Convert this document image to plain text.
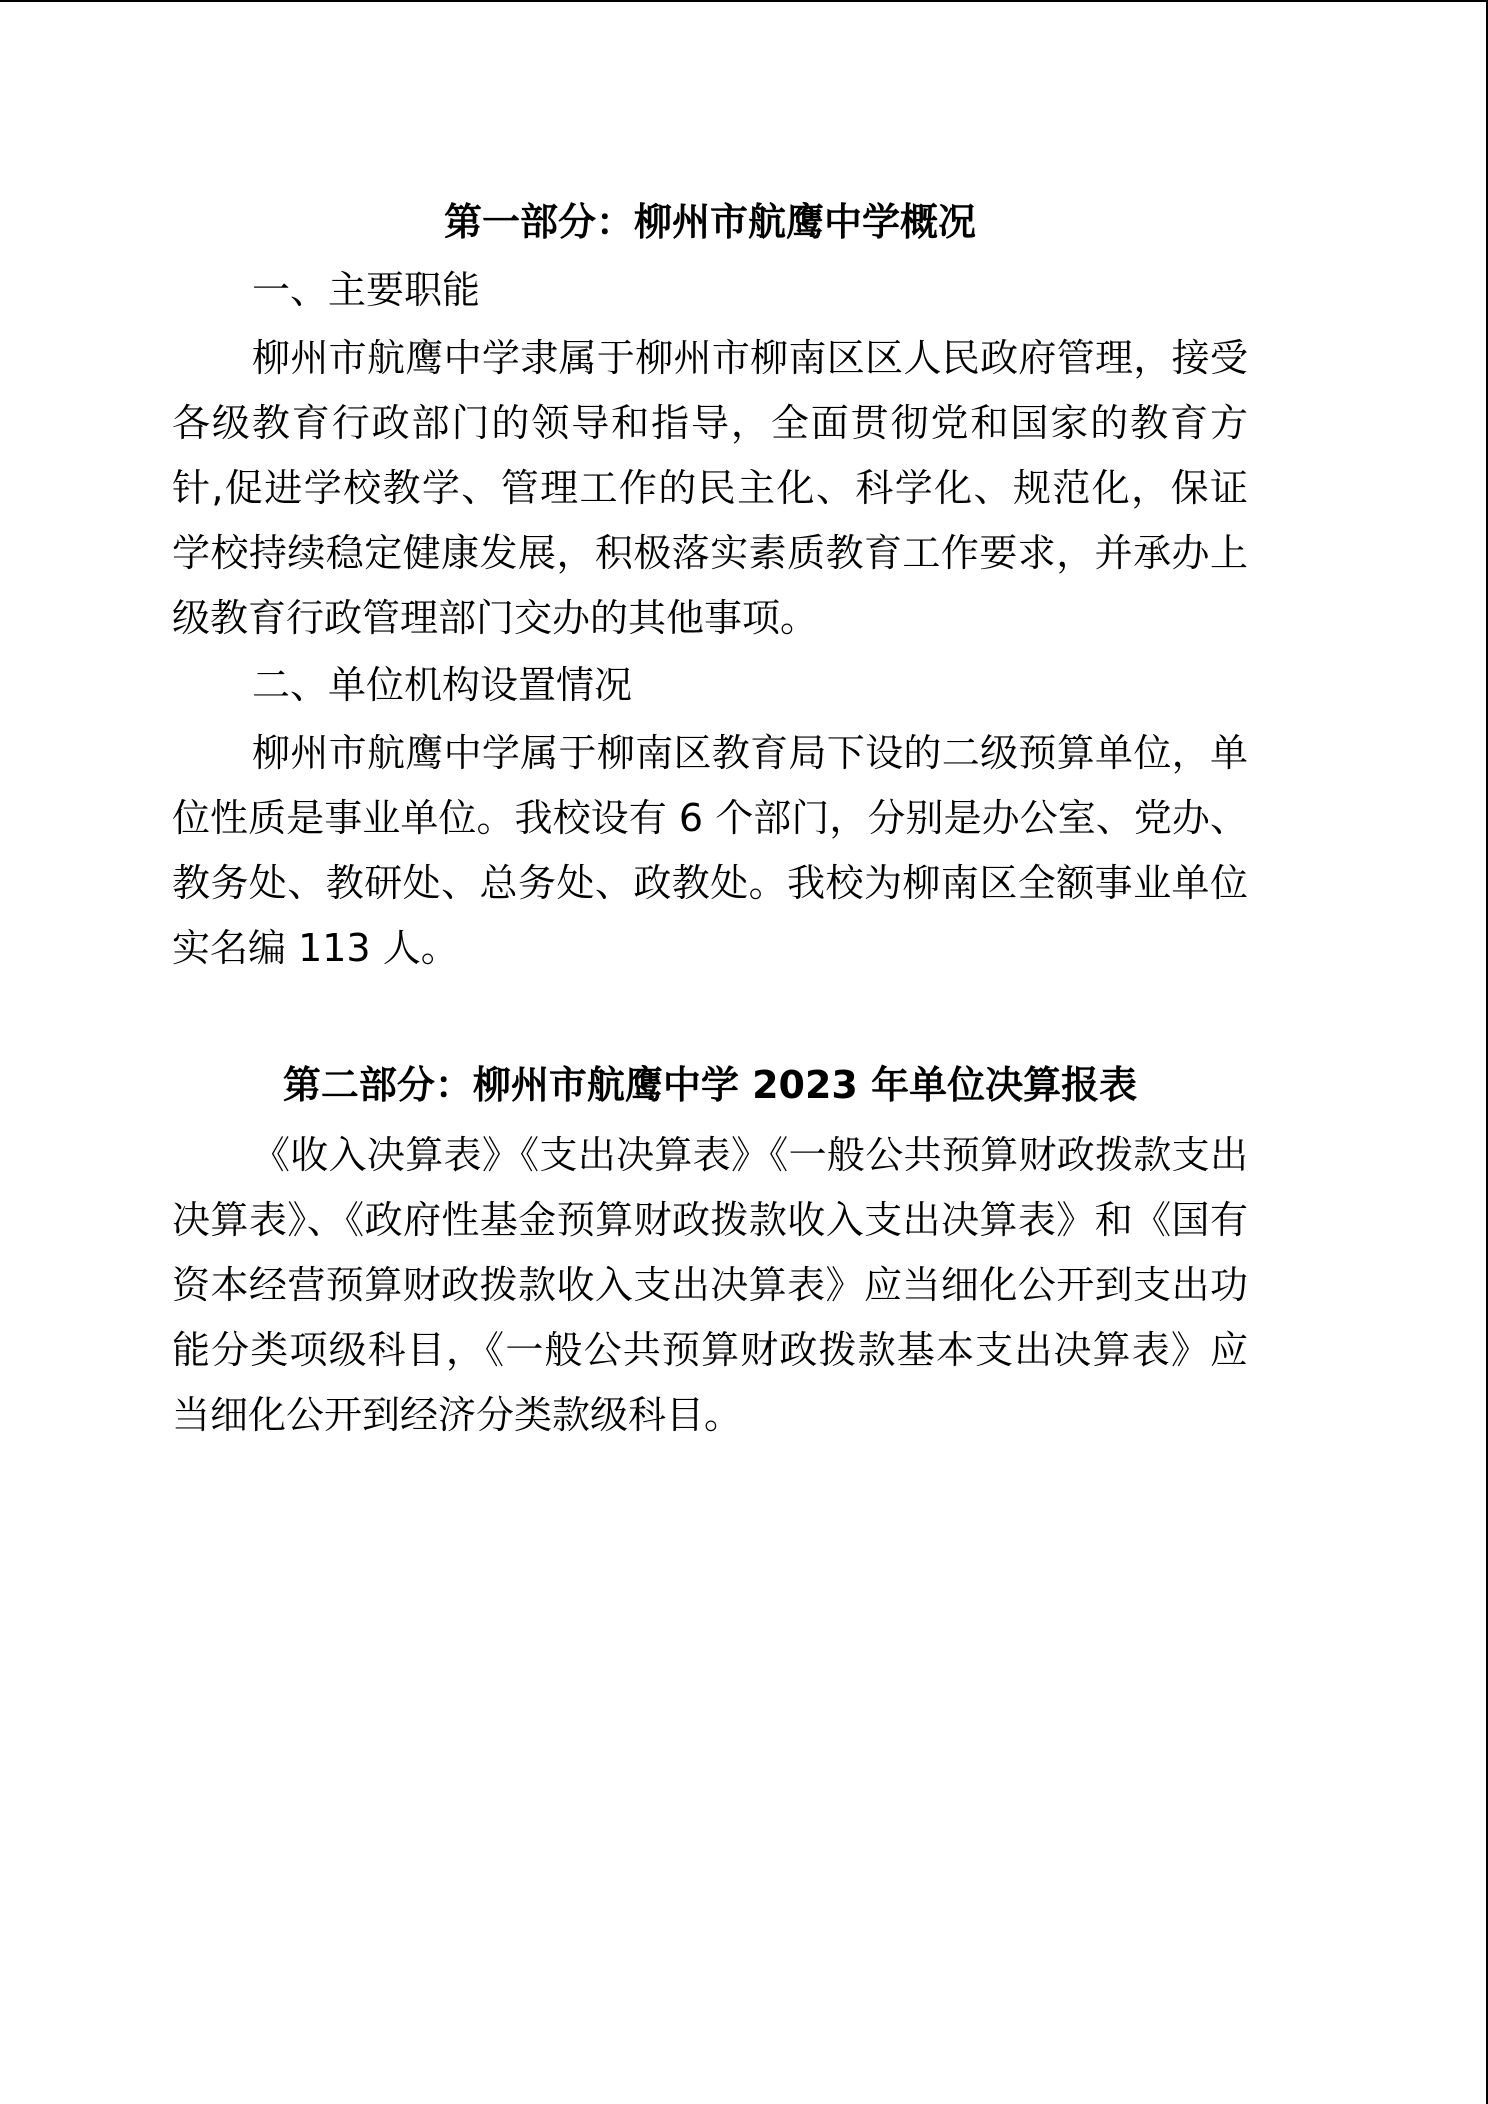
第一部分：柳州市航鹰中学概况

一、主要职能

柳州市航鹰中学隶属于柳州市柳南区区人民政府管理，接受各级教育行政部门的领导和指导，全面贯彻党和国家的教育方针,促进学校教学、管理工作的民主化、科学化、规范化，保证学校持续稳定健康发展，积极落实素质教育工作要求，并承办上级教育行政管理部门交办的其他事项。

二、单位机构设置情况

柳州市航鹰中学属于柳南区教育局下设的二级预算单位，单位性质是事业单位。我校设有 6 个部门，分别是办公室、党办、教务处、教研处、总务处、政教处。我校为柳南区全额事业单位实名编 113 人。

第二部分：柳州市航鹰中学 2023 年单位决算报表

《收入决算表》《支出决算表》《一般公共预算财政拨款支出决算表》、《政府性基金预算财政拨款收入支出决算表》和《国有资本经营预算财政拨款收入支出决算表》应当细化公开到支出功能分类项级科目，《一般公共预算财政拨款基本支出决算表》应当细化公开到经济分类款级科目。
